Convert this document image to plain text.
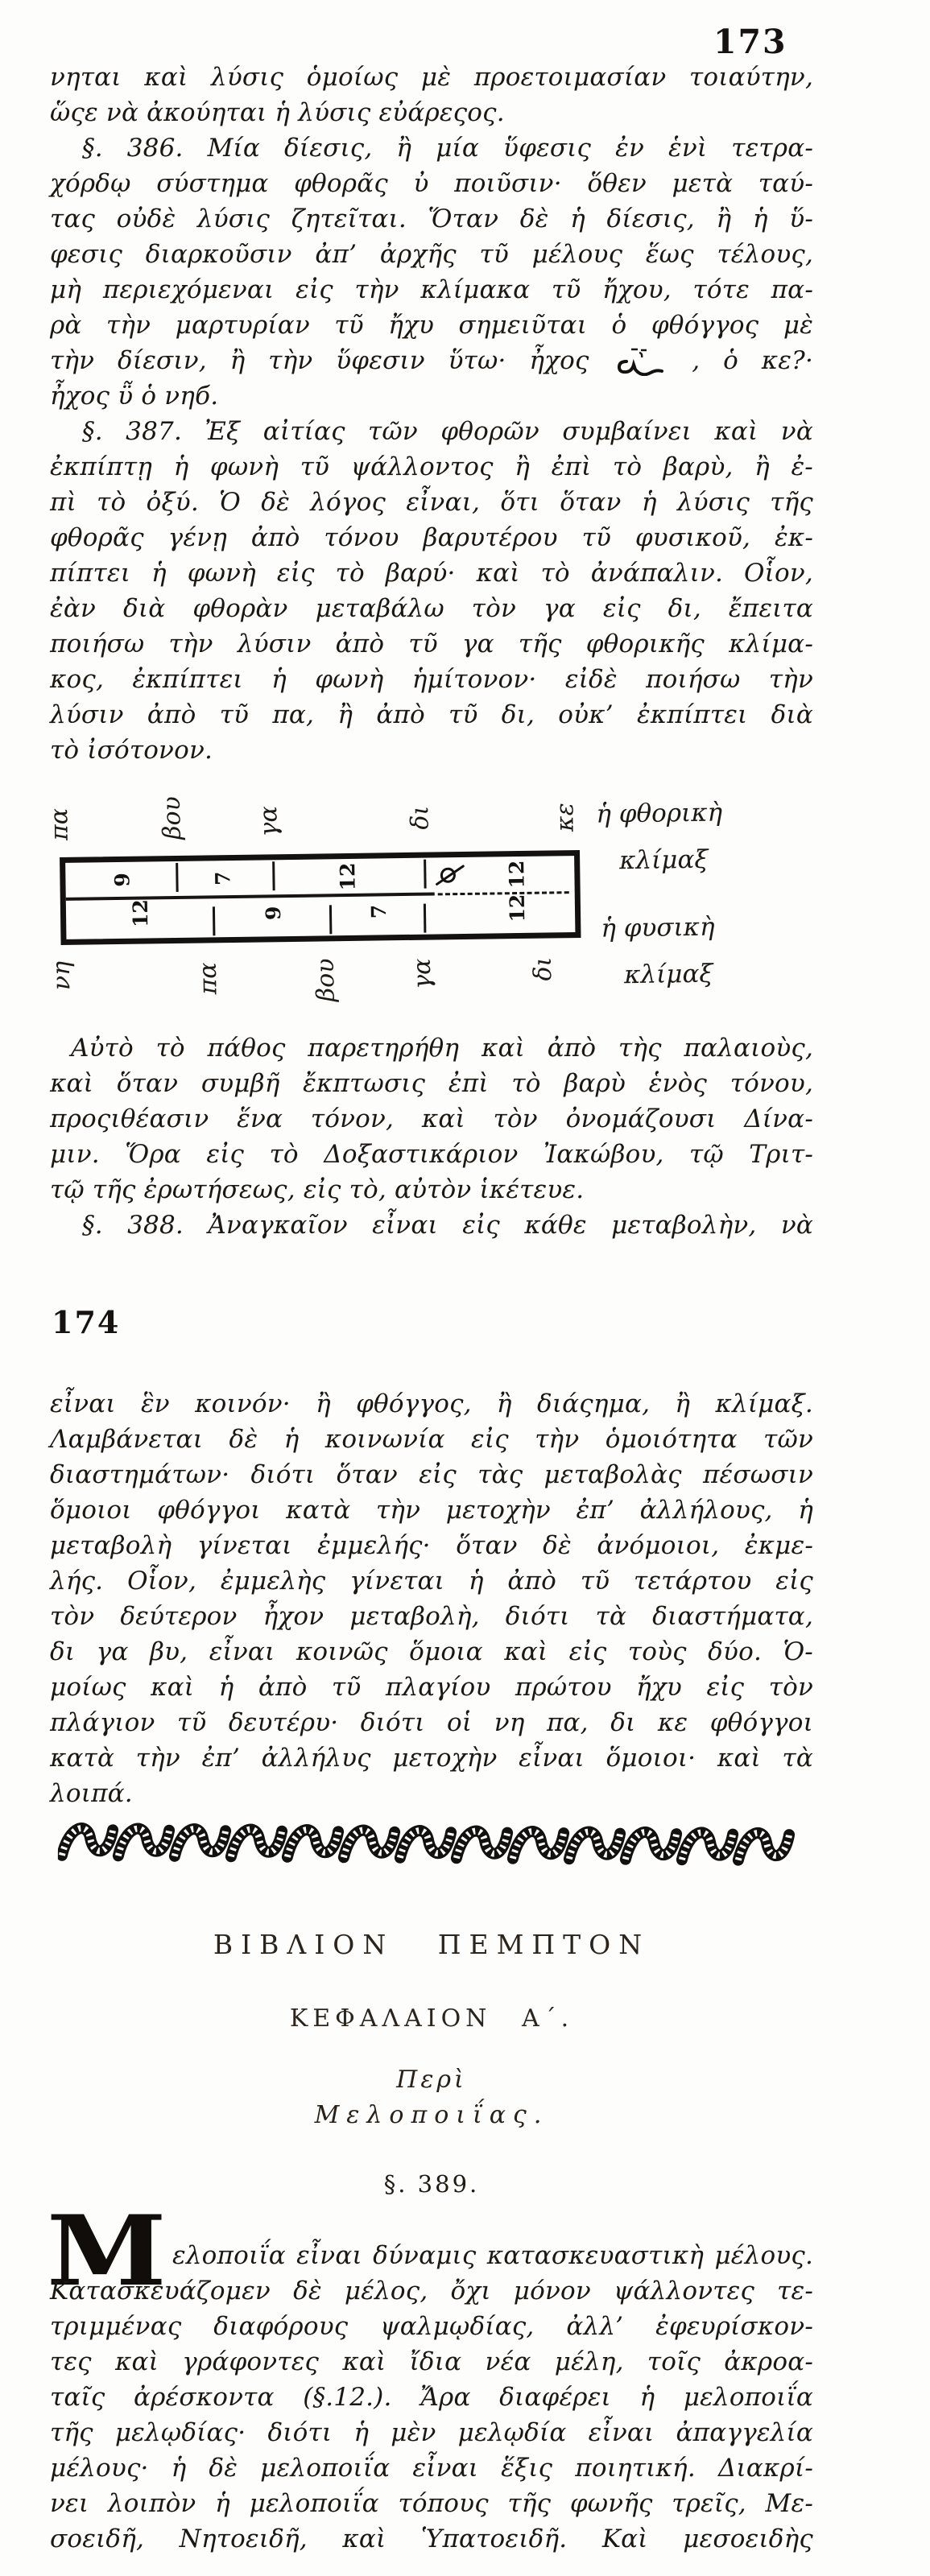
173
νηται καὶ λύσις ὁμοίως μὲ προετοιμασίαν τοιαύτην,
ὥςε νὰ ἀκούηται ἡ λύσις εὐάρεςος.
§. 386. Μία δίεσις, ἢ μία ὕφεσις ἐν ἑνὶ τετρα-
χόρδῳ σύστημα φθορᾶς ὐ ποιῦσιν· ὅθεν μετὰ ταύ-
τας οὐδὲ λύσις ζητεῖται. Ὅταν δὲ ἡ δίεσις, ἢ ἡ ὕ-
φεσις διαρκοῦσιν ἀπ’ ἀρχῆς τῦ μέλους ἕως τέλους,
μὴ περιεχόμεναι εἰς τὴν κλίμακα τῦ ἤχου, τότε πα-
ρὰ τὴν μαρτυρίαν τῦ ἤχυ σημειῦται ὁ φθόγγος μὲ
τὴν δίεσιν, ἢ τὴν ὕφεσιν ὕτω· ἦχος	, ὁ κε?·
ἦχος ῧ ὁ νηб.
§. 387. Ἐξ αἰτίας τῶν φθορῶν συμβαίνει καὶ νὰ
ἐκπίπτῃ ἡ φωνὴ τῦ ψάλλοντος ἢ ἐπὶ τὸ βαρὺ, ἢ ἐ-
πὶ τὸ ὀξύ. Ὁ δὲ λόγος εἶναι, ὅτι ὅταν ἡ λύσις τῆς
φθορᾶς γένῃ ἀπὸ τόνου βαρυτέρου τῦ φυσικοῦ, ἐκ-
πίπτει ἡ φωνὴ εἰς τὸ βαρύ· καὶ τὸ ἀνάπαλιν. Οἷον,
ἐὰν διὰ φθορὰν μεταβάλω τὸν γα εἰς δι, ἔπειτα
ποιήσω τὴν λύσιν ἀπὸ τῦ γα τῆς φθορικῆς κλίμα-
κος, ἐκπίπτει ἡ φωνὴ ἡμίτονον· εἰδὲ ποιήσω τὴν
λύσιν ἀπὸ τῦ πα, ἢ ἀπὸ τῦ δι, οὐκ’ ἐκπίπτει διὰ
τὸ ἰσότονον.
πα	βου	γα	δι	κε
9	7	12	12
12	9	7	12
νη	πα	βου	γα	δι
ἡ φθορικὴ
κλίμαξ
ἡ φυσικὴ
κλίμαξ
Αὐτὸ τὸ πάθος παρετηρήθη καὶ ἀπὸ τὴς παλαιοὺς,
καὶ ὅταν συμβῆ ἔκπτωσις ἐπὶ τὸ βαρὺ ἑνὸς τόνου,
προςιθέασιν ἕνα τόνον, καὶ τὸν ὀνομάζουσι Δίνα-
μιν. Ὅρα εἰς τὸ Δοξαστικάριον Ἰακώβου, τῷ Τριτ-
τῷ τῆς ἐρωτήσεως, εἰς τὸ, αὐτὸν ἱκέτευε.
§. 388. Ἀναγκαῖον εἶναι εἰς κάθε μεταβολὴν, νὰ
174
εἶναι ἓν κοινόν· ἢ φθόγγος, ἢ διάςημα, ἢ κλίμαξ.
Λαμβάνεται δὲ ἡ κοινωνία εἰς τὴν ὁμοιότητα τῶν
διαστημάτων· διότι ὅταν εἰς τὰς μεταβολὰς πέσωσιν
ὅμοιοι φθόγγοι κατὰ τὴν μετοχὴν ἐπ’ ἀλλήλους, ἡ
μεταβολὴ γίνεται ἐμμελής· ὅταν δὲ ἀνόμοιοι, ἐκμε-
λής. Οἷον, ἐμμελὴς γίνεται ἡ ἀπὸ τῦ τετάρτου εἰς
τὸν δεύτερον ἦχον μεταβολὴ, διότι τὰ διαστήματα,
δι γα βυ, εἶναι κοινῶς ὅμοια καὶ εἰς τοὺς δύο. Ὁ-
μοίως καὶ ἡ ἀπὸ τῦ πλαγίου πρώτου ἤχυ εἰς τὸν
πλάγιον τῦ δευτέρυ· διότι οἱ νη πα, δι κε φθόγγοι
κατὰ τὴν ἐπ’ ἀλλήλυς μετοχὴν εἶναι ὅμοιοι· καὶ τὰ
λοιπά.
ΒΙΒΛΙΟΝ ΠΕΜΠΤΟΝ
ΚΕΦΑΛΑΙΟΝ Α΄.
Περὶ
Μελοποιΐας.
§. 389.
Μ ελοποιΐα εἶναι δύναμις κατασκευαστικὴ μέλους.
Κατασκευάζομεν δὲ μέλος, ὄχι μόνον ψάλλοντες τε-
τριμμένας διαφόρους ψαλμῳδίας, ἀλλ’ ἐφευρίσκον-
τες καὶ γράφοντες καὶ ἴδια νέα μέλη, τοῖς ἀκροα-
ταῖς ἀρέσκοντα (§.12.). Ἄρα διαφέρει ἡ μελοποιΐα
τῆς μελῳδίας· διότι ἡ μὲν μελῳδία εἶναι ἀπαγγελία
μέλους· ἡ δὲ μελοποιΐα εἶναι ἕξις ποιητική. Διακρί-
νει λοιπὸν ἡ μελοποιΐα τόπους τῆς φωνῆς τρεῖς, Με-
σοειδῆ, Νητοειδῆ, καὶ Ὑπατοειδῆ. Καὶ μεσοειδὴς
